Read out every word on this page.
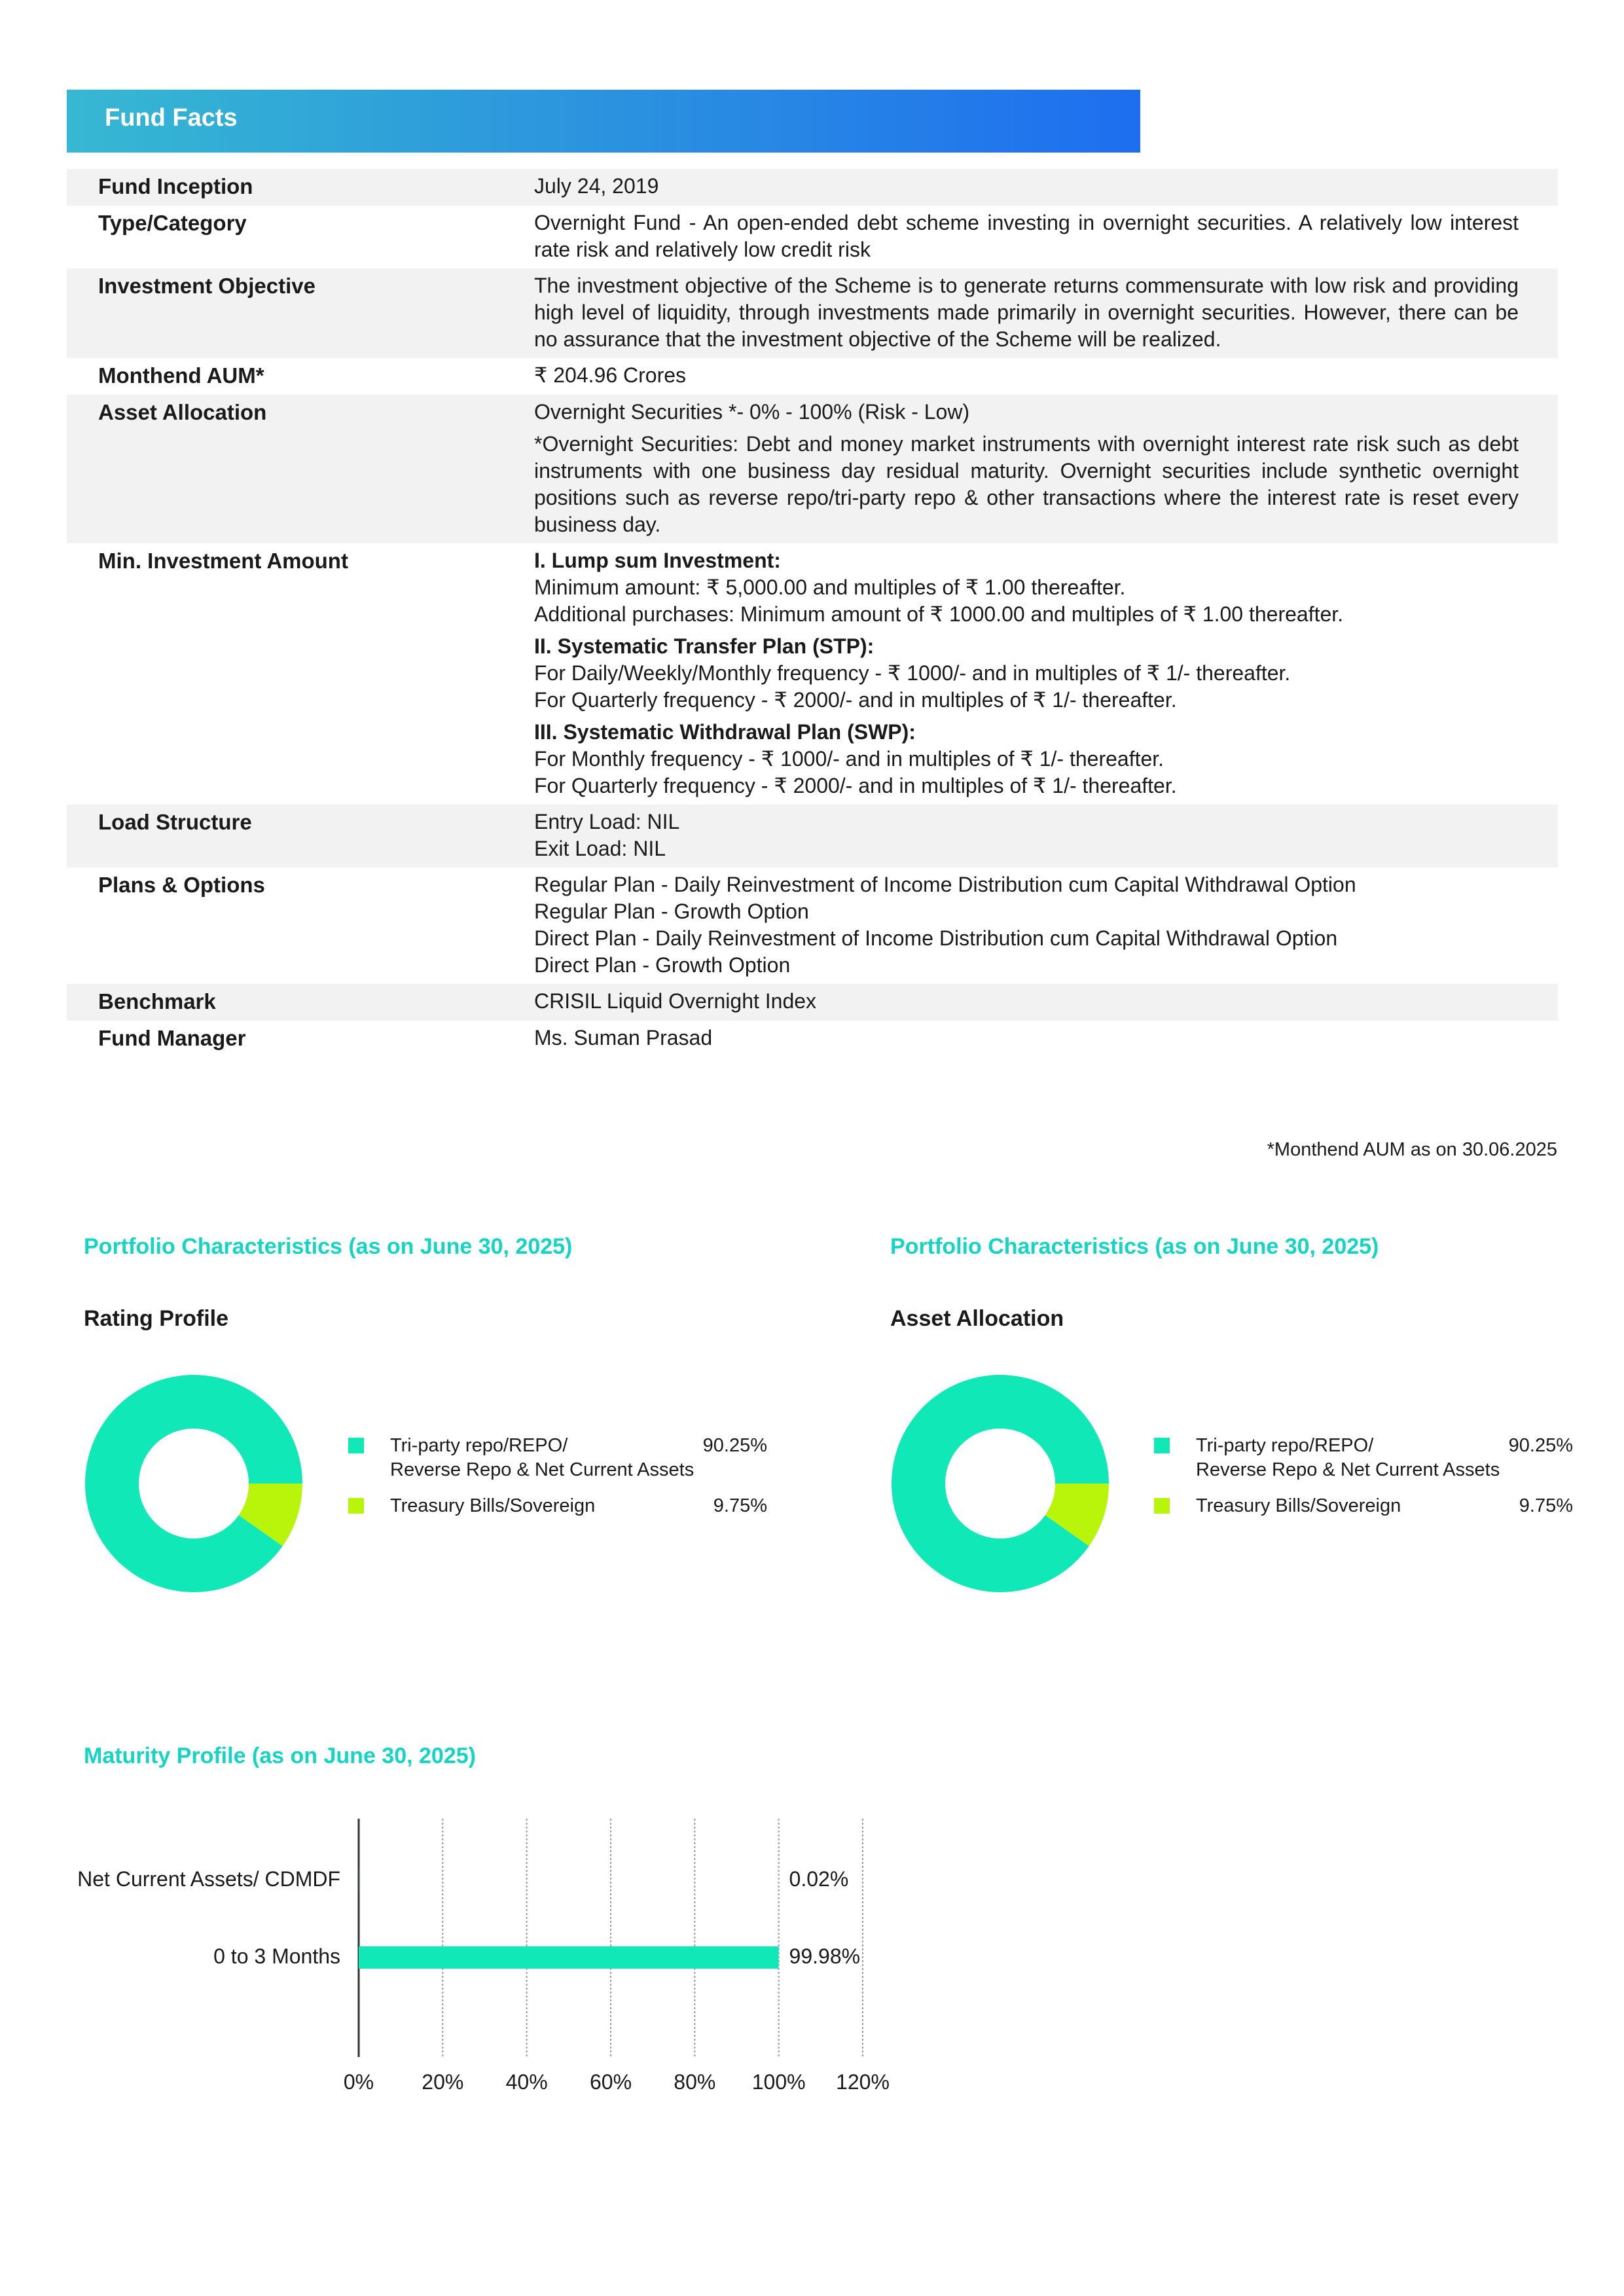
Fund Facts
Fund Inception	July 24, 2019

Type/Category	Overnight Fund - An open-ended debt scheme investing in overnight securities. A relatively low interest rate risk and relatively low credit risk

Investment Objective	The investment objective of the Scheme is to generate returns commensurate with low risk and providing high level of liquidity, through investments made primarily in overnight securities. However, there can be no assurance that the investment objective of the Scheme will be realized.

Monthend AUM*	₹ 204.96 Crores

Asset Allocation	Overnight Securities *- 0% - 100% (Risk - Low)

*Overnight Securities: Debt and money market instruments with overnight interest rate risk such as debt instruments with one business day residual maturity. Overnight securities include synthetic overnight positions such as reverse repo/tri-party repo & other transactions where the interest rate is reset every business day.

Min. Investment Amount	I. Lump sum Investment:

Minimum amount: ₹ 5,000.00 and multiples of ₹ 1.00 thereafter.

Additional purchases: Minimum amount of ₹ 1000.00 and multiples of ₹ 1.00 thereafter.

II. Systematic Transfer Plan (STP):

For Daily/Weekly/Monthly frequency - ₹ 1000/- and in multiples of ₹ 1/- thereafter.

For Quarterly frequency - ₹ 2000/- and in multiples of ₹ 1/- thereafter.

III. Systematic Withdrawal Plan (SWP):

For Monthly frequency - ₹ 1000/- and in multiples of ₹ 1/- thereafter.

For Quarterly frequency - ₹ 2000/- and in multiples of ₹ 1/- thereafter.

Load Structure	Entry Load: NIL

Exit Load: NIL

Plans & Options	Regular Plan - Daily Reinvestment of Income Distribution cum Capital Withdrawal Option

Regular Plan - Growth Option

Direct Plan - Daily Reinvestment of Income Distribution cum Capital Withdrawal Option

Direct Plan - Growth Option

Benchmark	CRISIL Liquid Overnight Index

Fund Manager	Ms. Suman Prasad

*Monthend AUM as on 30.06.2025
Portfolio Characteristics (as on June 30, 2025)
Rating Profile
Tri-party repo/REPO/
Reverse Repo & Net Current Assets
90.25%
Treasury Bills/Sovereign	9.75%
Portfolio Characteristics (as on June 30, 2025)
Asset Allocation
Tri-party repo/REPO/
Reverse Repo & Net Current Assets
90.25%
Treasury Bills/Sovereign	9.75%
Maturity Profile (as on June 30, 2025)
Net Current Assets/ CDMDF	0.02%
0 to 3 Months	99.98%
0% 20% 40% 60% 80% 100% 120%
